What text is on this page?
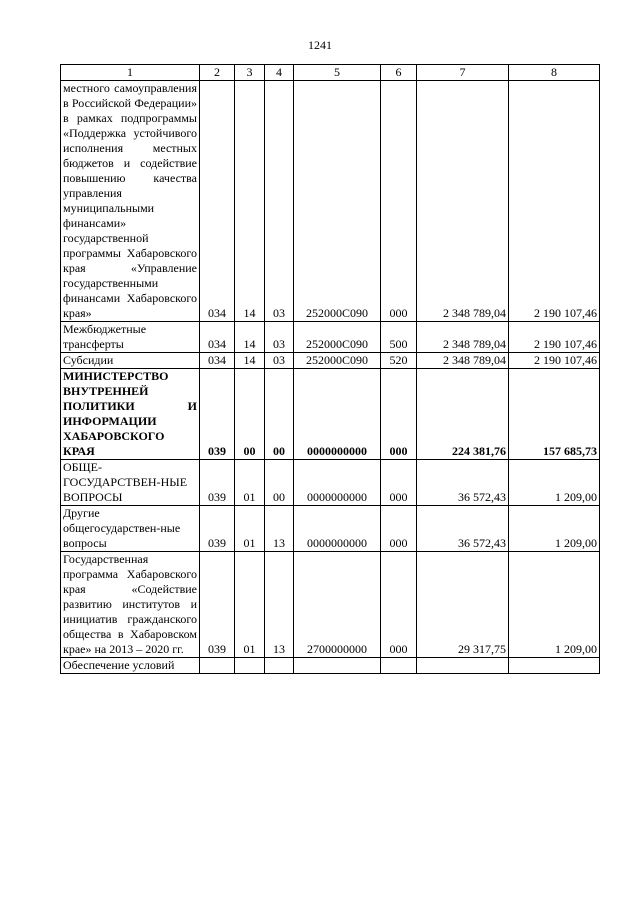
1241
1	2	3	4	5	6	7	8
местного самоуправления в Российской Федерации» в рамках подпрограммы «Поддержка устойчивого исполнения местных бюджетов и содействие повышению качества управления муниципальными финансами» государственной программы Хабаровского края «Управление государственными финансами Хабаровского края»	034	14	03	252000С090	000	2 348 789,04	2 190 107,46
Межбюджетные трансферты	034	14	03	252000С090	500	2 348 789,04	2 190 107,46
Субсидии	034	14	03	252000С090	520	2 348 789,04	2 190 107,46
МИНИСТЕРСТВО ВНУТРЕННЕЙ ПОЛИТИКИ И ИНФОРМАЦИИ ХАБАРОВСКОГО КРАЯ	039	00	00	0000000000	000	224 381,76	157 685,73
ОБЩЕ-ГОСУДАРСТВЕН-НЫЕ ВОПРОСЫ	039	01	00	0000000000	000	36 572,43	1 209,00
Другие общегосударствен-ные вопросы	039	01	13	0000000000	000	36 572,43	1 209,00
Государственная программа Хабаровского края «Содействие развитию институтов и инициатив гражданского общества в Хабаровском крае» на 2013 – 2020 гг.	039	01	13	2700000000	000	29 317,75	1 209,00
Обеспечение условий							
